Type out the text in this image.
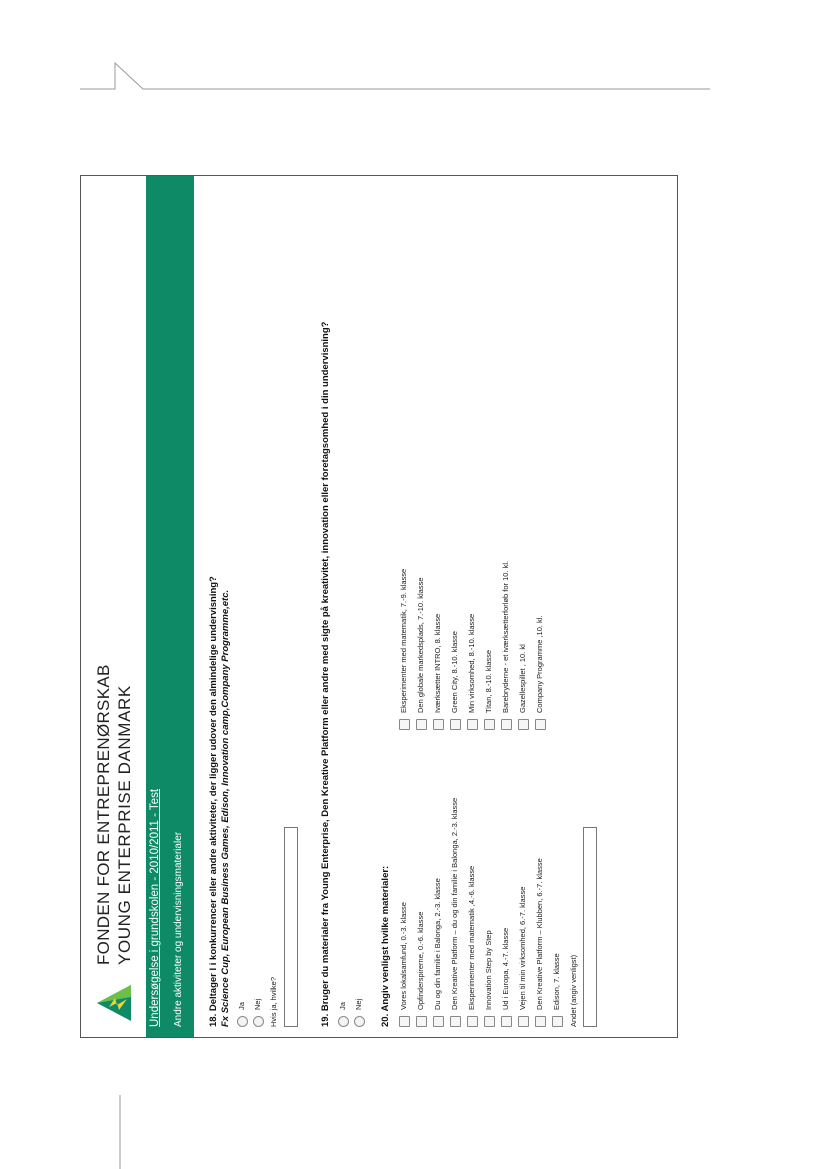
FONDEN FOR ENTREPRENØRSKAB YOUNG ENTERPRISE DANMARK Undersøgelse i grundskolen - 2010/2011 - Test Andre aktiviteter og undervisningsmaterialer	18. Deltager I i konkurrencer eller andre aktiviteter, der ligger udover den almindelige undervisning? Fx Science Cup, European Business Games, Edison, Innovation camp,Company Programme,etc. Ja Nej Hvis ja, hvilke?	19. Bruger du materialer fra Young Enterprise, Den Kreative Platform eller andre med sigte på kreativitet, innovation eller foretagsomhed i din undervisning? Ja Nej 20. Angiv venligst hvilke materialer: Vores lokalsamfund, 0.-3. klasse Opfinderspirerne, 0.-6. klasse Du og din familie i Balonga, 2.-3. klasse Den Kreative Platform – du og din familie i Balonga, 2.-3. klasse Eksperimenter med matematik ,4.-6. klasse Innovation Step by Step Ud i Europa, 4.-7. klasse Vejen til min virksomhed, 6.-7. klasse Den Kreative Platform – Klubben, 6.-7. klasse Edison, 7. klasse Andet (angiv venligst)
Eksperimenter med matematik, 7.-9. klasse Den globale markedsplads, 7.-10. klasse Iværksætter INTRO, 8. klasse Green City, 8.-10. klasse Min virksomhed, 8.-10. klasse Titan, 8.-10. klasse Barebryderne - et iværksætterforløb for 10. kl. Gazellespillet , 10. kl Company Programme ,10. kl.
